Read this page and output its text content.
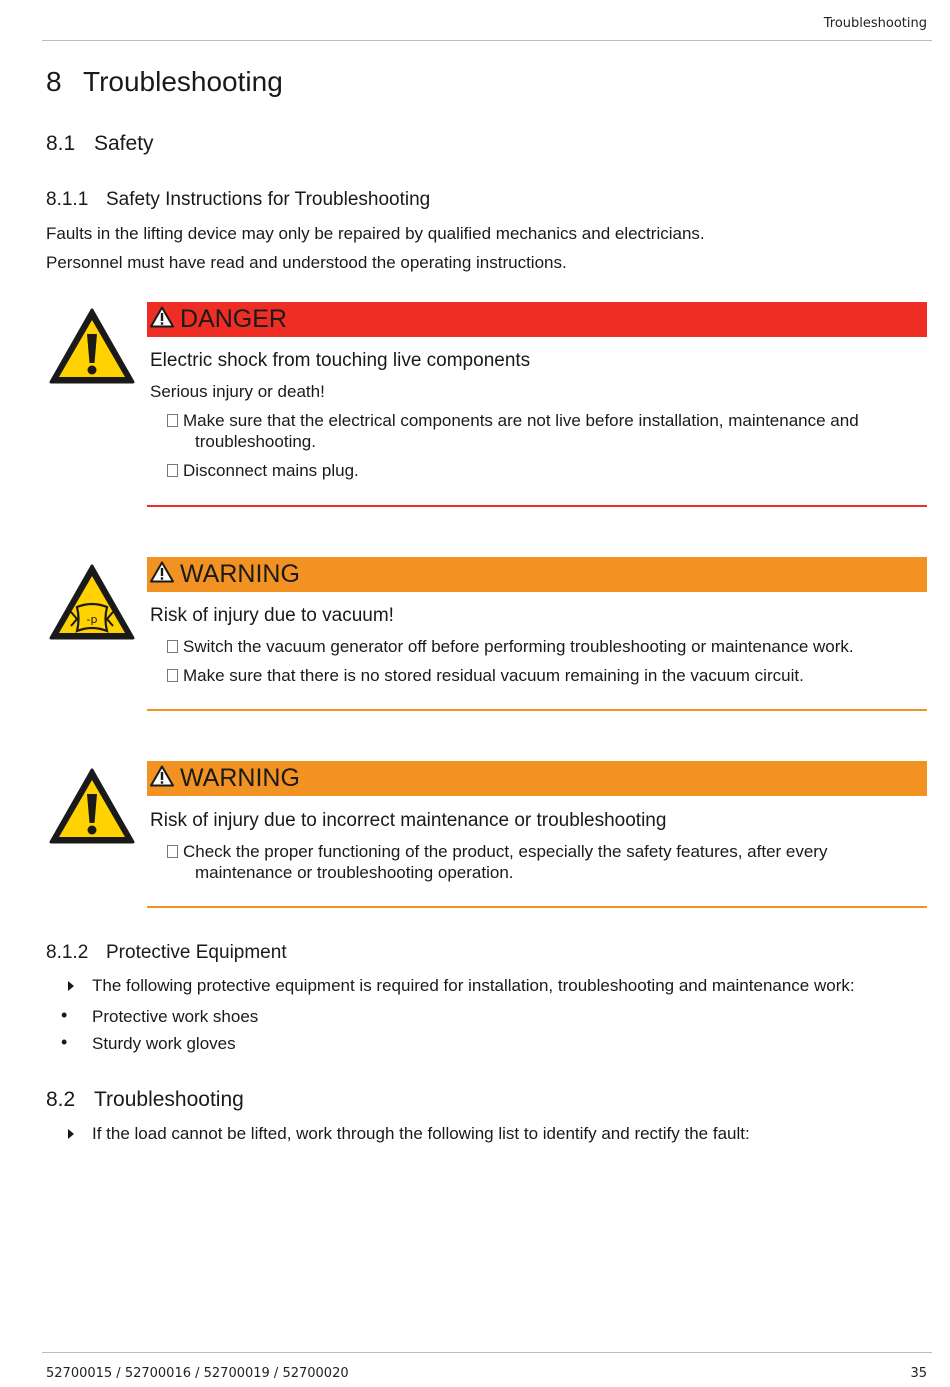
Troubleshooting
8 Troubleshooting
8.1 Safety
8.1.1 Safety Instructions for Troubleshooting
Faults in the lifting device may only be repaired by qualified mechanics and electricians.
Personnel must have read and understood the operating instructions.
DANGER
Electric shock from touching live components
Serious injury or death!
Make sure that the electrical components are not live before installation, maintenance and
troubleshooting.
Disconnect mains plug.
-p
WARNING
Risk of injury due to vacuum!
Switch the vacuum generator off before performing troubleshooting or maintenance work.
Make sure that there is no stored residual vacuum remaining in the vacuum circuit.
WARNING
Risk of injury due to incorrect maintenance or troubleshooting
Check the proper functioning of the product, especially the safety features, after every
maintenance or troubleshooting operation.
8.1.2 Protective Equipment
The following protective equipment is required for installation, troubleshooting and maintenance work:
• Protective work shoes
• Sturdy work gloves
8.2 Troubleshooting
If the load cannot be lifted, work through the following list to identify and rectify the fault:
52700015 / 52700016 / 52700019 / 52700020	35
